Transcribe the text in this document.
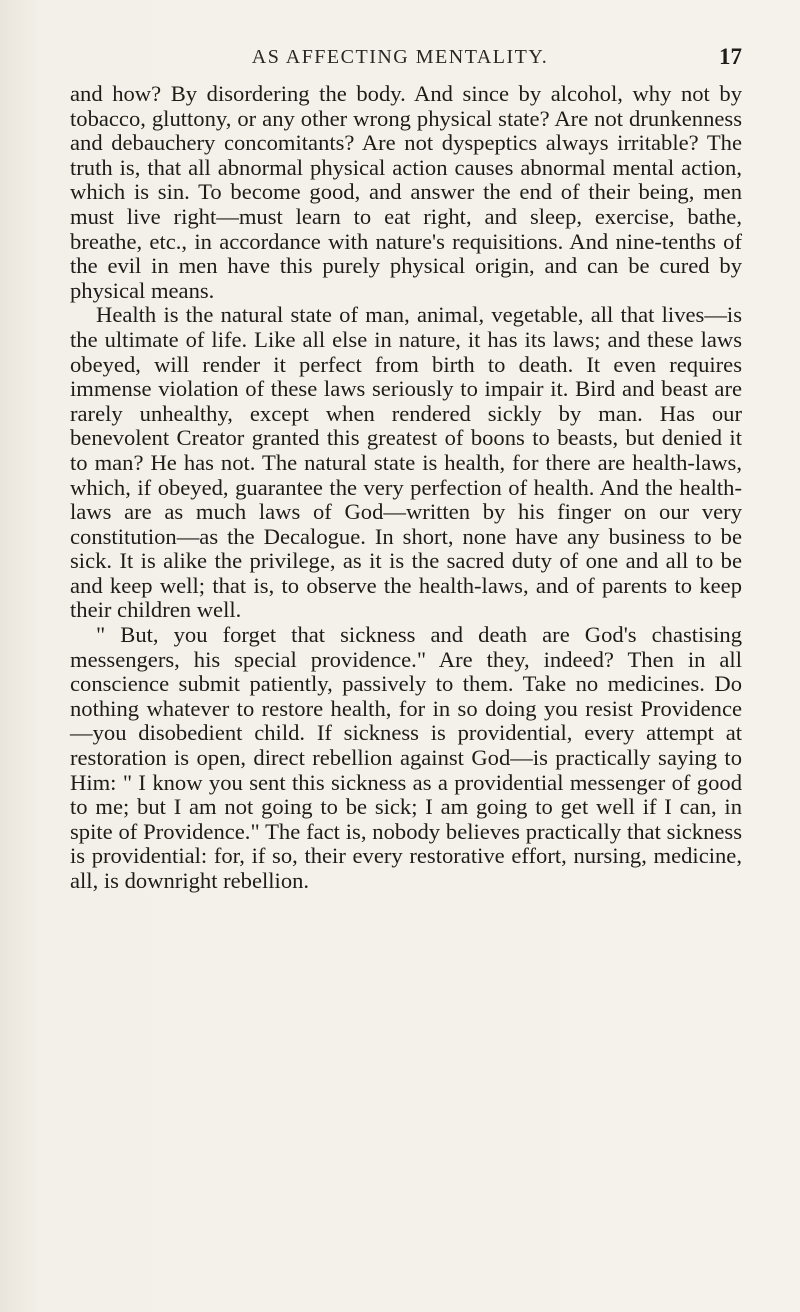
AS AFFECTING MENTALITY.	17

and how? By disordering the body. And since by alcohol, why not by tobacco, gluttony, or any other wrong physical state? Are not drunkenness and debauchery concomitants? Are not dyspeptics always irritable? The truth is, that all abnormal physical action causes abnormal mental action, which is sin. To become good, and answer the end of their being, men must live right—must learn to eat right, and sleep, exercise, bathe, breathe, etc., in accordance with nature's requisitions. And nine-tenths of the evil in men have this purely physical origin, and can be cured by physical means.

Health is the natural state of man, animal, vegetable, all that lives—is the ultimate of life. Like all else in nature, it has its laws; and these laws obeyed, will render it perfect from birth to death. It even requires immense violation of these laws seriously to impair it. Bird and beast are rarely unhealthy, except when rendered sickly by man. Has our benevolent Creator granted this greatest of boons to beasts, but denied it to man? He has not. The natural state is health, for there are health-laws, which, if obeyed, guarantee the very perfection of health. And the health-laws are as much laws of God—written by his finger on our very constitution—as the Decalogue. In short, none have any business to be sick. It is alike the privilege, as it is the sacred duty of one and all to be and keep well; that is, to observe the health-laws, and of parents to keep their children well.

" But, you forget that sickness and death are God's chastising messengers, his special providence." Are they, indeed? Then in all conscience submit patiently, passively to them. Take no medicines. Do nothing whatever to restore health, for in so doing you resist Providence—you disobedient child. If sickness is providential, every attempt at restoration is open, direct rebellion against God—is practically saying to Him: " I know you sent this sickness as a providential messenger of good to me; but I am not going to be sick; I am going to get well if I can, in spite of Providence." The fact is, nobody believes practically that sickness is providential: for, if so, their every restorative effort, nursing, medicine, all, is downright rebellion.
